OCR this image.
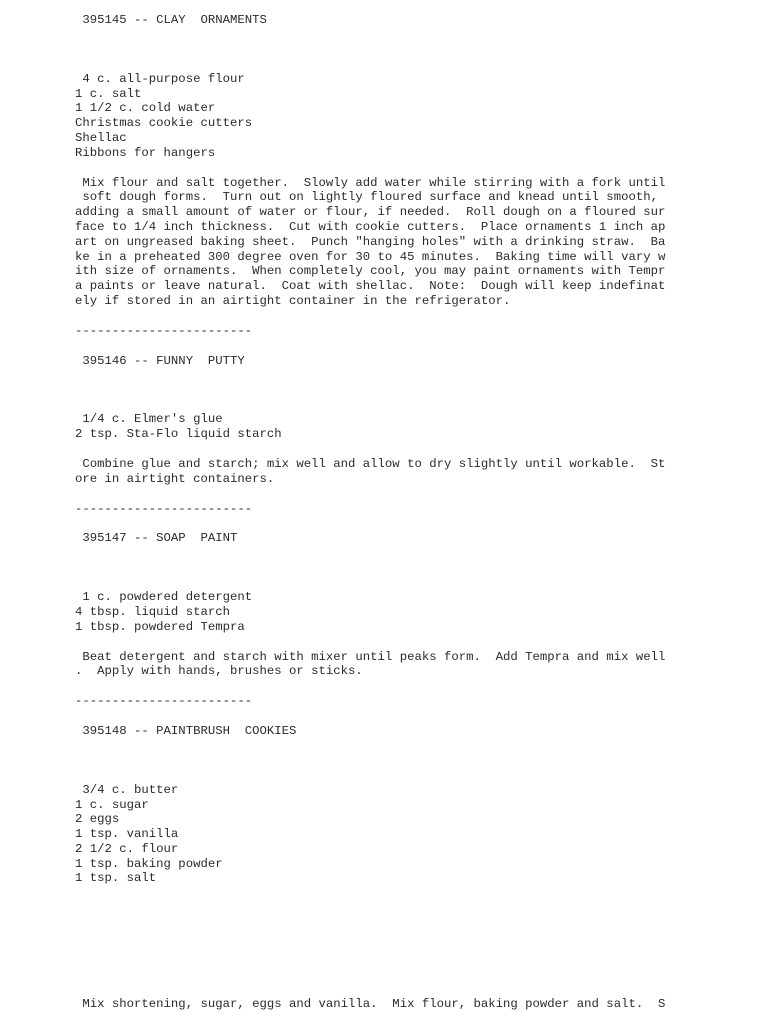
395145 -- CLAY  ORNAMENTS
4 c. all-purpose flour
1 c. salt
1 1/2 c. cold water
Christmas cookie cutters
Shellac
Ribbons for hangers
Mix flour and salt together.  Slowly add water while stirring with a fork until
soft dough forms.  Turn out on lightly floured surface and knead until smooth,
adding a small amount of water or flour, if needed.  Roll dough on a floured sur
face to 1/4 inch thickness.  Cut with cookie cutters.  Place ornaments 1 inch ap
art on ungreased baking sheet.  Punch "hanging holes" with a drinking straw.  Ba
ke in a preheated 300 degree oven for 30 to 45 minutes.  Baking time will vary w
ith size of ornaments.  When completely cool, you may paint ornaments with Tempr
a paints or leave natural.  Coat with shellac.  Note:  Dough will keep indefinat
ely if stored in an airtight container in the refrigerator.
------------------------
395146 -- FUNNY  PUTTY
1/4 c. Elmer's glue
2 tsp. Sta-Flo liquid starch
Combine glue and starch; mix well and allow to dry slightly until workable.  St
ore in airtight containers.
------------------------
395147 -- SOAP  PAINT
1 c. powdered detergent
4 tbsp. liquid starch
1 tbsp. powdered Tempra
Beat detergent and starch with mixer until peaks form.  Add Tempra and mix well
.  Apply with hands, brushes or sticks.
------------------------
395148 -- PAINTBRUSH  COOKIES
3/4 c. butter
1 c. sugar
2 eggs
1 tsp. vanilla
2 1/2 c. flour
1 tsp. baking powder
1 tsp. salt
Mix shortening, sugar, eggs and vanilla.  Mix flour, baking powder and salt.  S
